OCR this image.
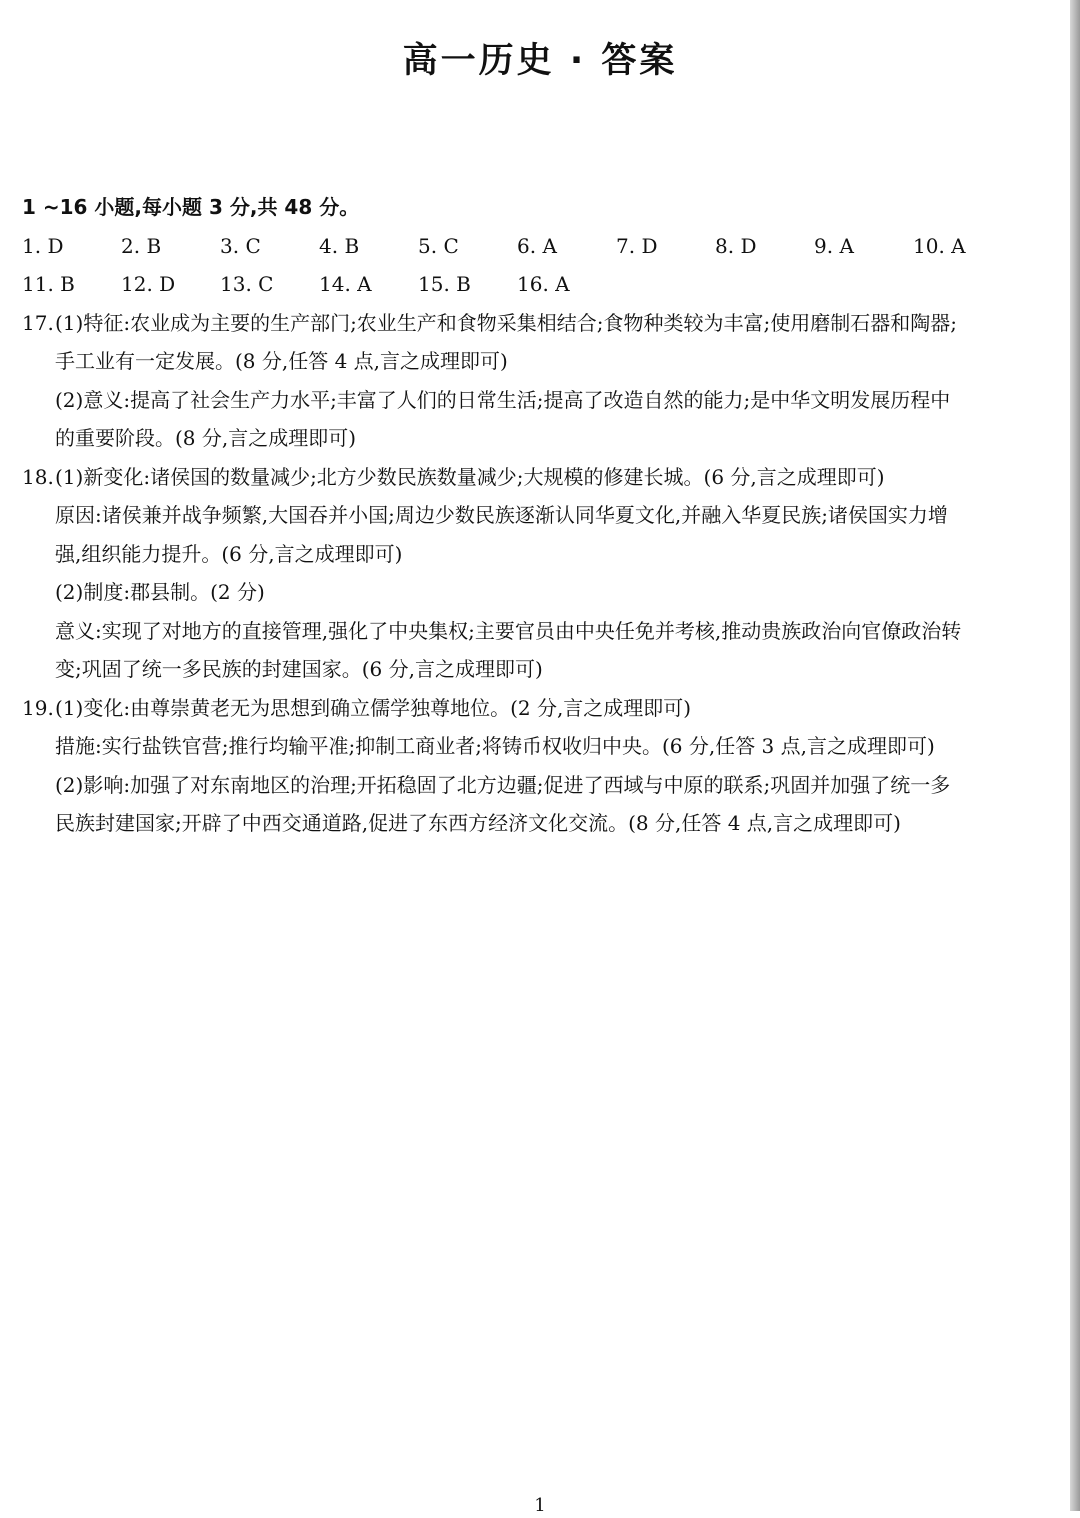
高一历史 · 答案
1 ~16 小题,每小题 3 分,共 48 分。
1. D	2. B	3. C	4. B	5. C	6. A	7. D	8. D	9. A	10. A
11. B	12. D	13. C	14. A	15. B	16. A
17. (1)特征:农业成为主要的生产部门;农业生产和食物采集相结合;食物种类较为丰富;使用磨制石器和陶器;
手工业有一定发展。(8 分,任答 4 点,言之成理即可)
(2)意义:提高了社会生产力水平;丰富了人们的日常生活;提高了改造自然的能力;是中华文明发展历程中
的重要阶段。(8 分,言之成理即可)
18. (1)新变化:诸侯国的数量减少;北方少数民族数量减少;大规模的修建长城。(6 分,言之成理即可)
原因:诸侯兼并战争频繁,大国吞并小国;周边少数民族逐渐认同华夏文化,并融入华夏民族;诸侯国实力增
强,组织能力提升。(6 分,言之成理即可)
(2)制度:郡县制。(2 分)
意义:实现了对地方的直接管理,强化了中央集权;主要官员由中央任免并考核,推动贵族政治向官僚政治转
变;巩固了统一多民族的封建国家。(6 分,言之成理即可)
19. (1)变化:由尊崇黄老无为思想到确立儒学独尊地位。(2 分,言之成理即可)
措施:实行盐铁官营;推行均输平准;抑制工商业者;将铸币权收归中央。(6 分,任答 3 点,言之成理即可)
(2)影响:加强了对东南地区的治理;开拓稳固了北方边疆;促进了西域与中原的联系;巩固并加强了统一多
民族封建国家;开辟了中西交通道路,促进了东西方经济文化交流。(8 分,任答 4 点,言之成理即可)
1
